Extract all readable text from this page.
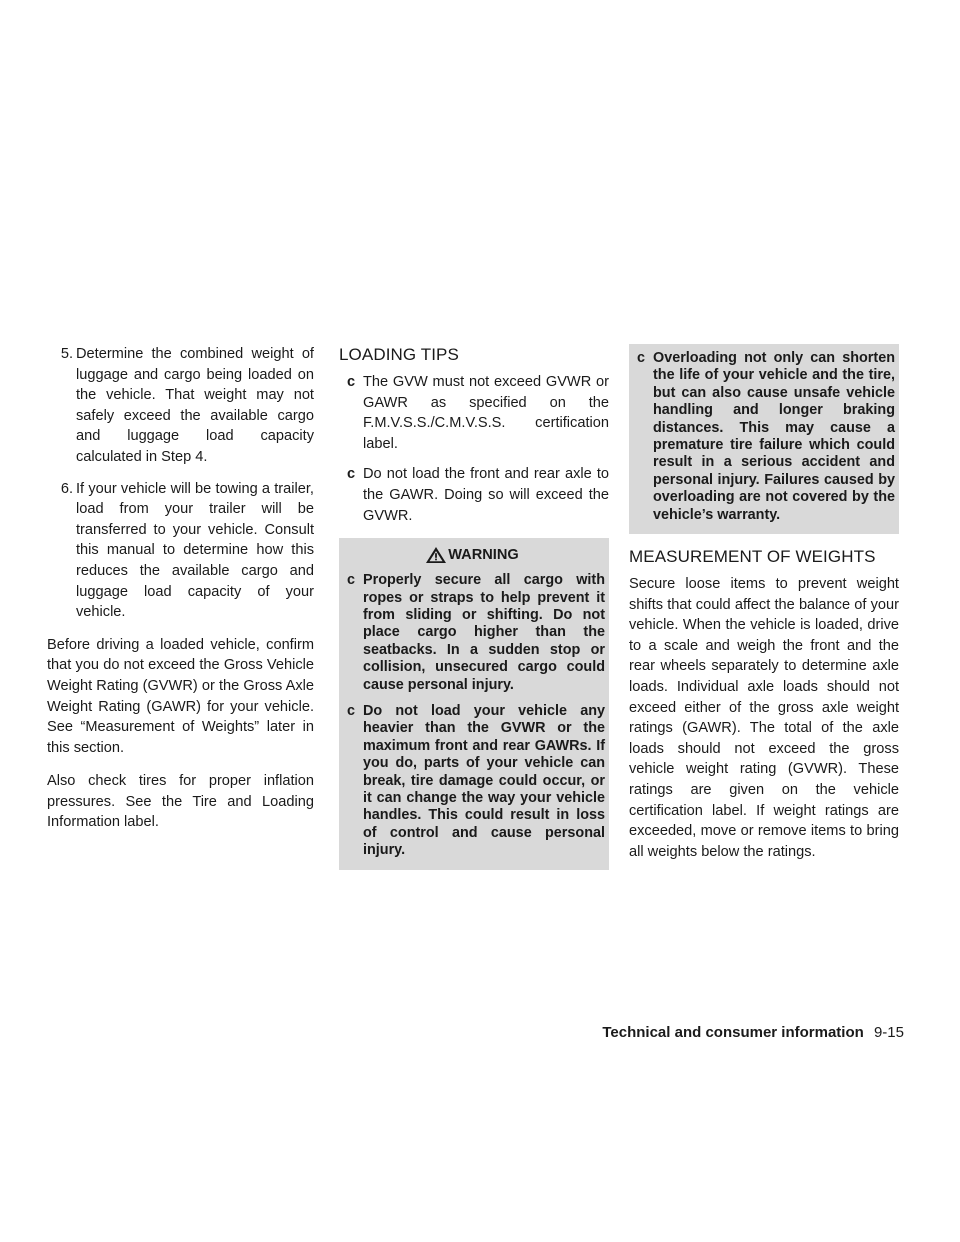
5. Determine the combined weight of luggage and cargo being loaded on the vehicle. That weight may not safely exceed the available cargo and luggage load capacity calculated in Step 4.
6. If your vehicle will be towing a trailer, load from your trailer will be transferred to your vehicle. Consult this manual to determine how this reduces the available cargo and luggage load capacity of your vehicle.

Before driving a loaded vehicle, confirm that you do not exceed the Gross Vehicle Weight Rating (GVWR) or the Gross Axle Weight Rating (GAWR) for your vehicle. See “Measurement of Weights” later in this section.

Also check tires for proper inflation pressures. See the Tire and Loading Information label.

LOADING TIPS
c The GVW must not exceed GVWR or GAWR as specified on the F.M.V.S.S./C.M.V.S.S. certification label.
c Do not load the front and rear axle to the GAWR. Doing so will exceed the GVWR.
WARNING
c Properly secure all cargo with ropes or straps to help prevent it from sliding or shifting. Do not place cargo higher than the seatbacks. In a sudden stop or collision, unsecured cargo could cause personal injury.
c Do not load your vehicle any heavier than the GVWR or the maximum front and rear GAWRs. If you do, parts of your vehicle can break, tire damage could occur, or it can change the way your vehicle handles. This could result in loss of control and cause personal injury.
c Overloading not only can shorten the life of your vehicle and the tire, but can also cause unsafe vehicle handling and longer braking distances. This may cause a premature tire failure which could result in a serious accident and personal injury. Failures caused by overloading are not covered by the vehicle’s warranty.
MEASUREMENT OF WEIGHTS

Secure loose items to prevent weight shifts that could affect the balance of your vehicle. When the vehicle is loaded, drive to a scale and weigh the front and the rear wheels separately to determine axle loads. Individual axle loads should not exceed either of the gross axle weight ratings (GAWR). The total of the axle loads should not exceed the gross vehicle weight rating (GVWR). These ratings are given on the vehicle certification label. If weight ratings are exceeded, move or remove items to bring all weights below the ratings.

Technical and consumer information 9-15
